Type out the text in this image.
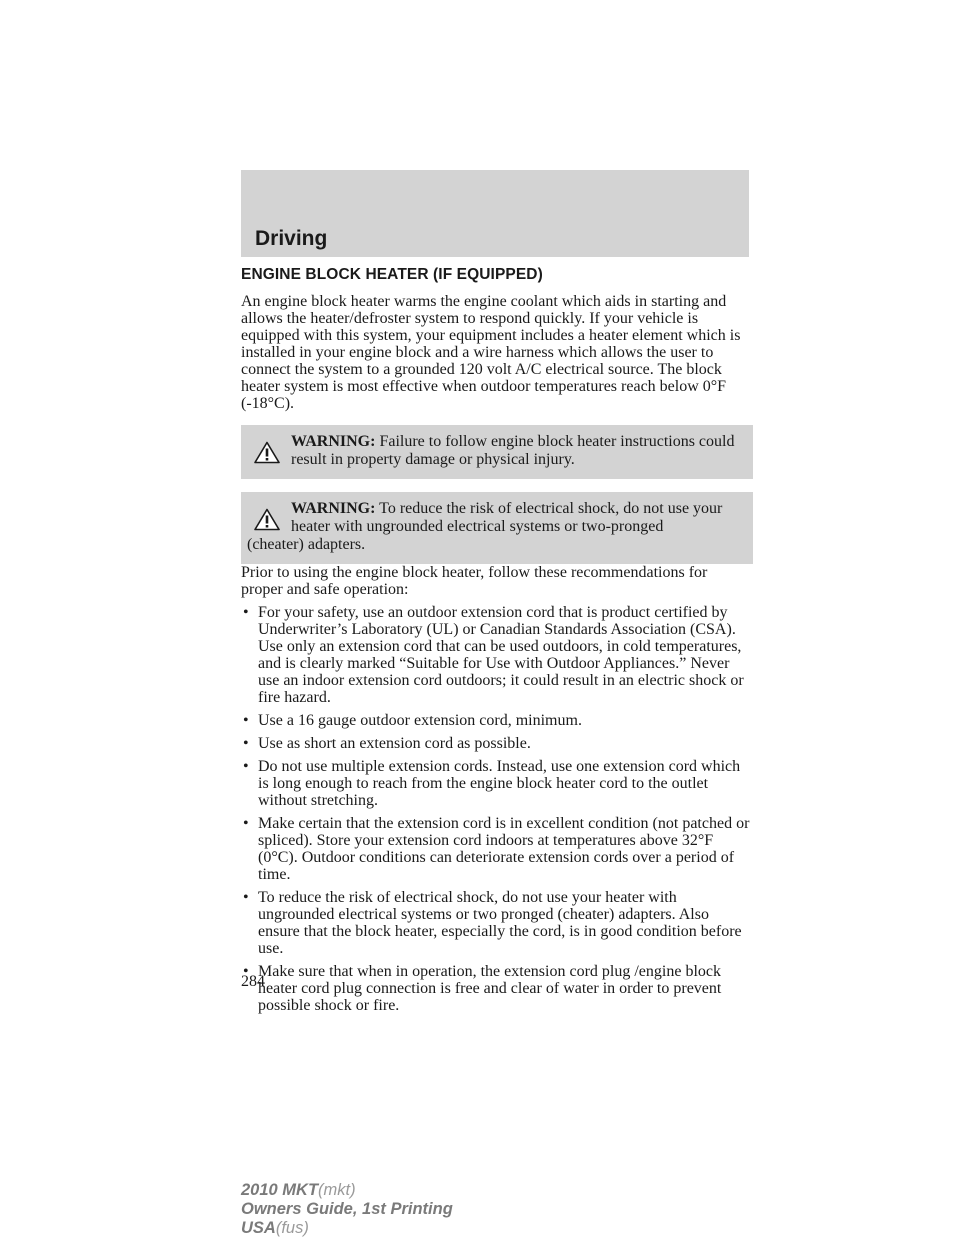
Driving
ENGINE BLOCK HEATER (IF EQUIPPED)

An engine block heater warms the engine coolant which aids in starting and allows the heater/defroster system to respond quickly. If your vehicle is equipped with this system, your equipment includes a heater element which is installed in your engine block and a wire harness which allows the user to connect the system to a grounded 120 volt A/C electrical source. The block heater system is most effective when outdoor temperatures reach below 0°F (-18°C).

WARNING: Failure to follow engine block heater instructions could result in property damage or physical injury.
WARNING: To reduce the risk of electrical shock, do not use your heater with ungrounded electrical systems or two-pronged
(cheater) adapters.

Prior to using the engine block heater, follow these recommendations for proper and safe operation:

• For your safety, use an outdoor extension cord that is product certified by Underwriter’s Laboratory (UL) or Canadian Standards Association (CSA). Use only an extension cord that can be used outdoors, in cold temperatures, and is clearly marked “Suitable for Use with Outdoor Appliances.” Never use an indoor extension cord outdoors; it could result in an electric shock or fire hazard.
• Use a 16 gauge outdoor extension cord, minimum.
• Use as short an extension cord as possible.
• Do not use multiple extension cords. Instead, use one extension cord which is long enough to reach from the engine block heater cord to the outlet without stretching.
• Make certain that the extension cord is in excellent condition (not patched or spliced). Store your extension cord indoors at temperatures above 32°F (0°C). Outdoor conditions can deteriorate extension cords over a period of time.
• To reduce the risk of electrical shock, do not use your heater with ungrounded electrical systems or two pronged (cheater) adapters. Also ensure that the block heater, especially the cord, is in good condition before use.
• Make sure that when in operation, the extension cord plug /engine block heater cord plug connection is free and clear of water in order to prevent possible shock or fire.
284
2010 MKT(mkt)
Owners Guide, 1st Printing
USA(fus)
